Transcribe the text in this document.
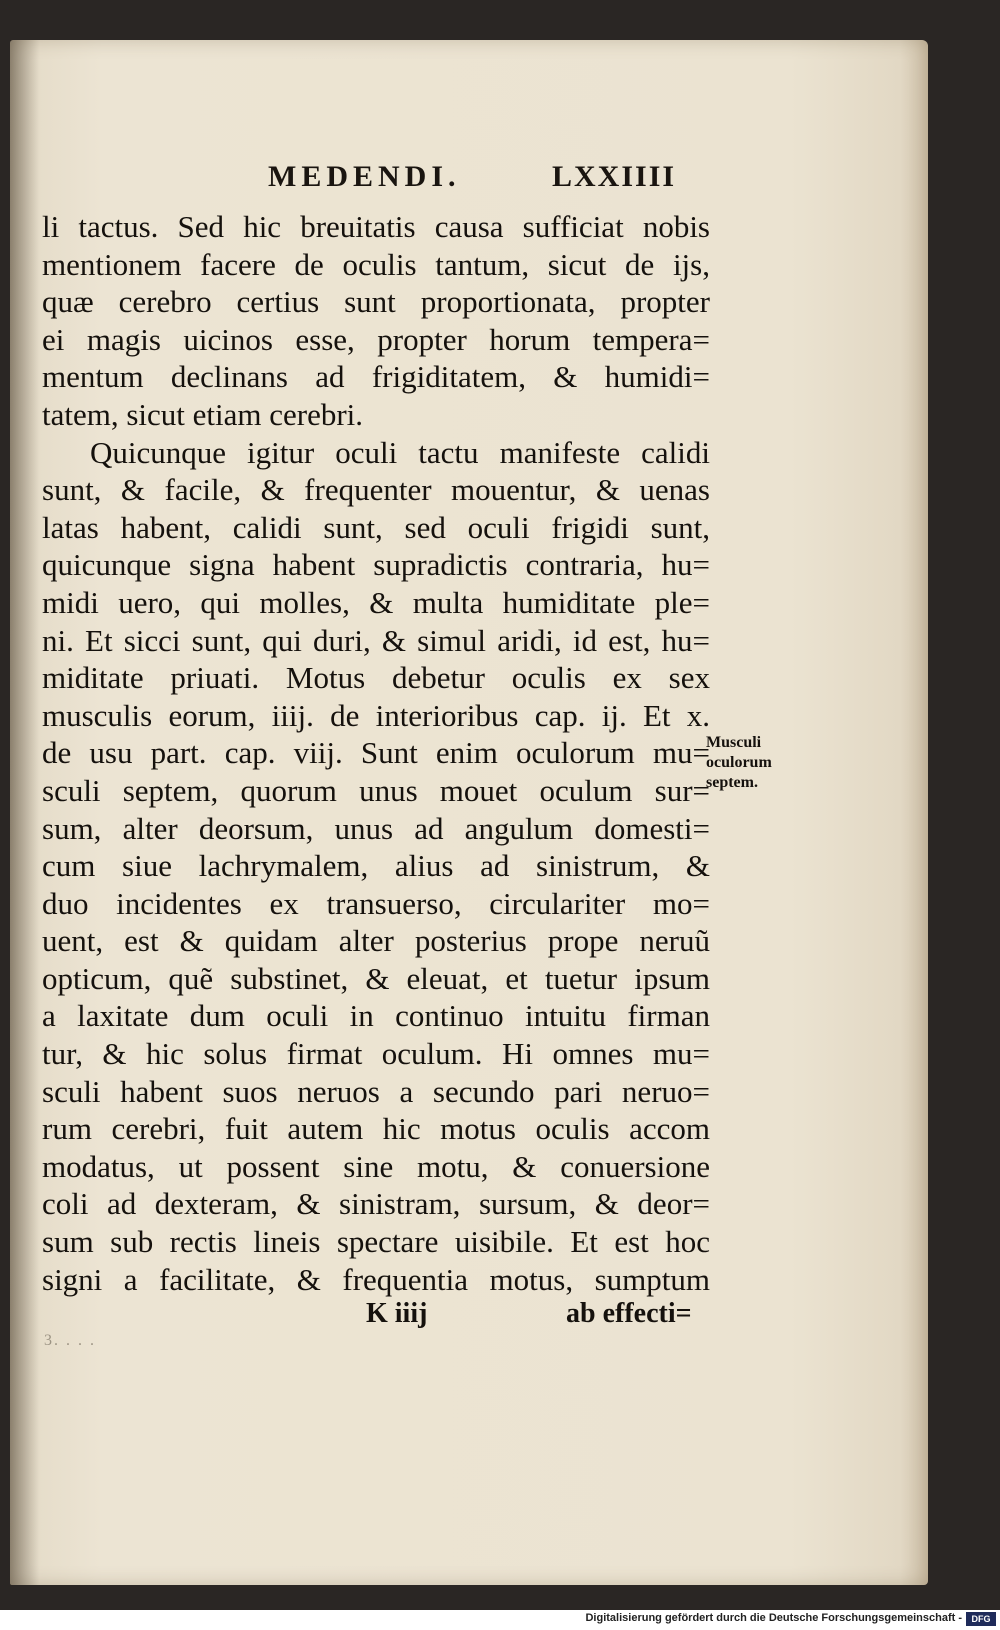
MEDENDI.	LXXIIII
li tactus. Sed hic breuitatis causa sufficiat nobis
mentionem facere de oculis tantum, sicut de ijs,
quæ cerebro certius sunt proportionata, propter
ei magis uicinos esse, propter horum tempera=
mentum declinans ad frigiditatem, & humidi=
tatem, sicut etiam cerebri.
Quicunque igitur oculi tactu manifeste calidi
sunt, & facile, & frequenter mouentur, & uenas
latas habent, calidi sunt, sed oculi frigidi sunt,
quicunque signa habent supradictis contraria, hu=
midi uero, qui molles, & multa humiditate ple=
ni. Et sicci sunt, qui duri, & simul aridi, id est, hu=
miditate priuati. Motus debetur oculis ex sex
musculis eorum, iiij. de interioribus cap. ij. Et x.
de usu part. cap. viij. Sunt enim oculorum mu=
sculi septem, quorum unus mouet oculum sur=
sum, alter deorsum, unus ad angulum domesti=
cum siue lachrymalem, alius ad sinistrum, &
duo incidentes ex transuerso, circulariter mo=
uent, est & quidam alter posterius prope neruũ
opticum, quẽ substinet, & eleuat, et tuetur ipsum
a laxitate dum oculi in continuo intuitu firman
tur, & hic solus firmat oculum. Hi omnes mu=
sculi habent suos neruos a secundo pari neruo=
rum cerebri, fuit autem hic motus oculis accom
modatus, ut possent sine motu, & conuersione
coli ad dexteram, & sinistram, sursum, & deor=
sum sub rectis lineis spectare uisibile. Et est hoc
signi a facilitate, & frequentia motus, sumptum
Musculi
oculorum
septem.
K iiij	ab effecti=
3. . . .
Digitalisierung gefördert durch die Deutsche Forschungsgemeinschaft -	DFG
